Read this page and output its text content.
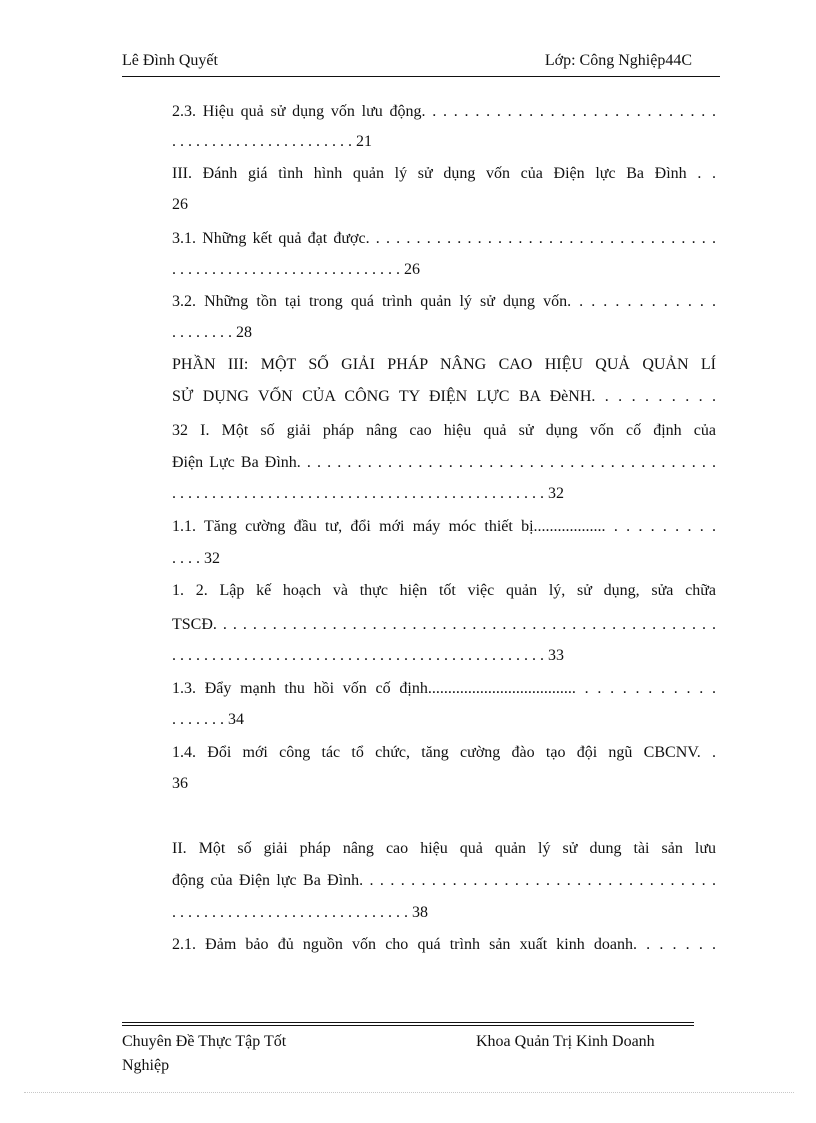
Lê Đình Quyết	Lớp: Công Nghiệp44C
2.3. Hiệu quả sử dụng vốn lưu động. . . . . . . . . . . . . . . . . . . . . . . . . . . .
. . . . . . . . . . . . . . . . . . . . . . . 21
III. Đánh giá tình hình quản lý sử dụng vốn của Điện lực Ba Đình . .
26
3.1. Những kết quả đạt được. . . . . . . . . . . . . . . . . . . . . . . . . . . . . . . . . . .
. . . . . . . . . . . . . . . . . . . . . . . . . . . . . 26
3.2. Những tồn tại trong quá trình quản lý sử dụng vốn. . . . . . . . . . . . .
. . . . . . . . 28
PHẦN III: MỘT SỐ GIẢI PHÁP NÂNG CAO HIỆU QUẢ QUẢN LÍ
SỬ DỤNG VỐN CỦA CÔNG TY ĐIỆN LỰC BA ĐèNH. . . . . . . . . .
32 I. Một số giải pháp nâng cao hiệu quả sử dụng vốn cố định của
Điện Lực Ba Đình. . . . . . . . . . . . . . . . . . . . . . . . . . . . . . . . . . . . . . . . . .
. . . . . . . . . . . . . . . . . . . . . . . . . . . . . . . . . . . . . . . . . . . . . . . 32
1.1. Tăng cường đầu tư, đổi mới máy móc thiết bị.................. . . . . . . . . .
. . . . 32
1. 2. Lập kế hoạch và thực hiện tốt việc quản lý, sử dụng, sửa chữa
TSCĐ. . . . . . . . . . . . . . . . . . . . . . . . . . . . . . . . . . . . . . . . . . . . . . . . . . .
. . . . . . . . . . . . . . . . . . . . . . . . . . . . . . . . . . . . . . . . . . . . . . . 33
1.3. Đẩy mạnh thu hồi vốn cố định..................................... . . . . . . . . . . .
. . . . . . . 34
1.4. Đổi mới công tác tổ chức, tăng cường đào tạo đội ngũ CBCNV. .
36
II. Một số giải pháp nâng cao hiệu quả quản lý sử dung tài sản lưu
động của Điện lực Ba Đình. . . . . . . . . . . . . . . . . . . . . . . . . . . . . . . . . . .
. . . . . . . . . . . . . . . . . . . . . . . . . . . . . . 38
2.1. Đảm bảo đủ nguồn vốn cho quá trình sản xuất kinh doanh. . . . . . .
Chuyên Đề Thực Tập Tốt Nghiệp
Khoa Quản Trị Kinh Doanh
